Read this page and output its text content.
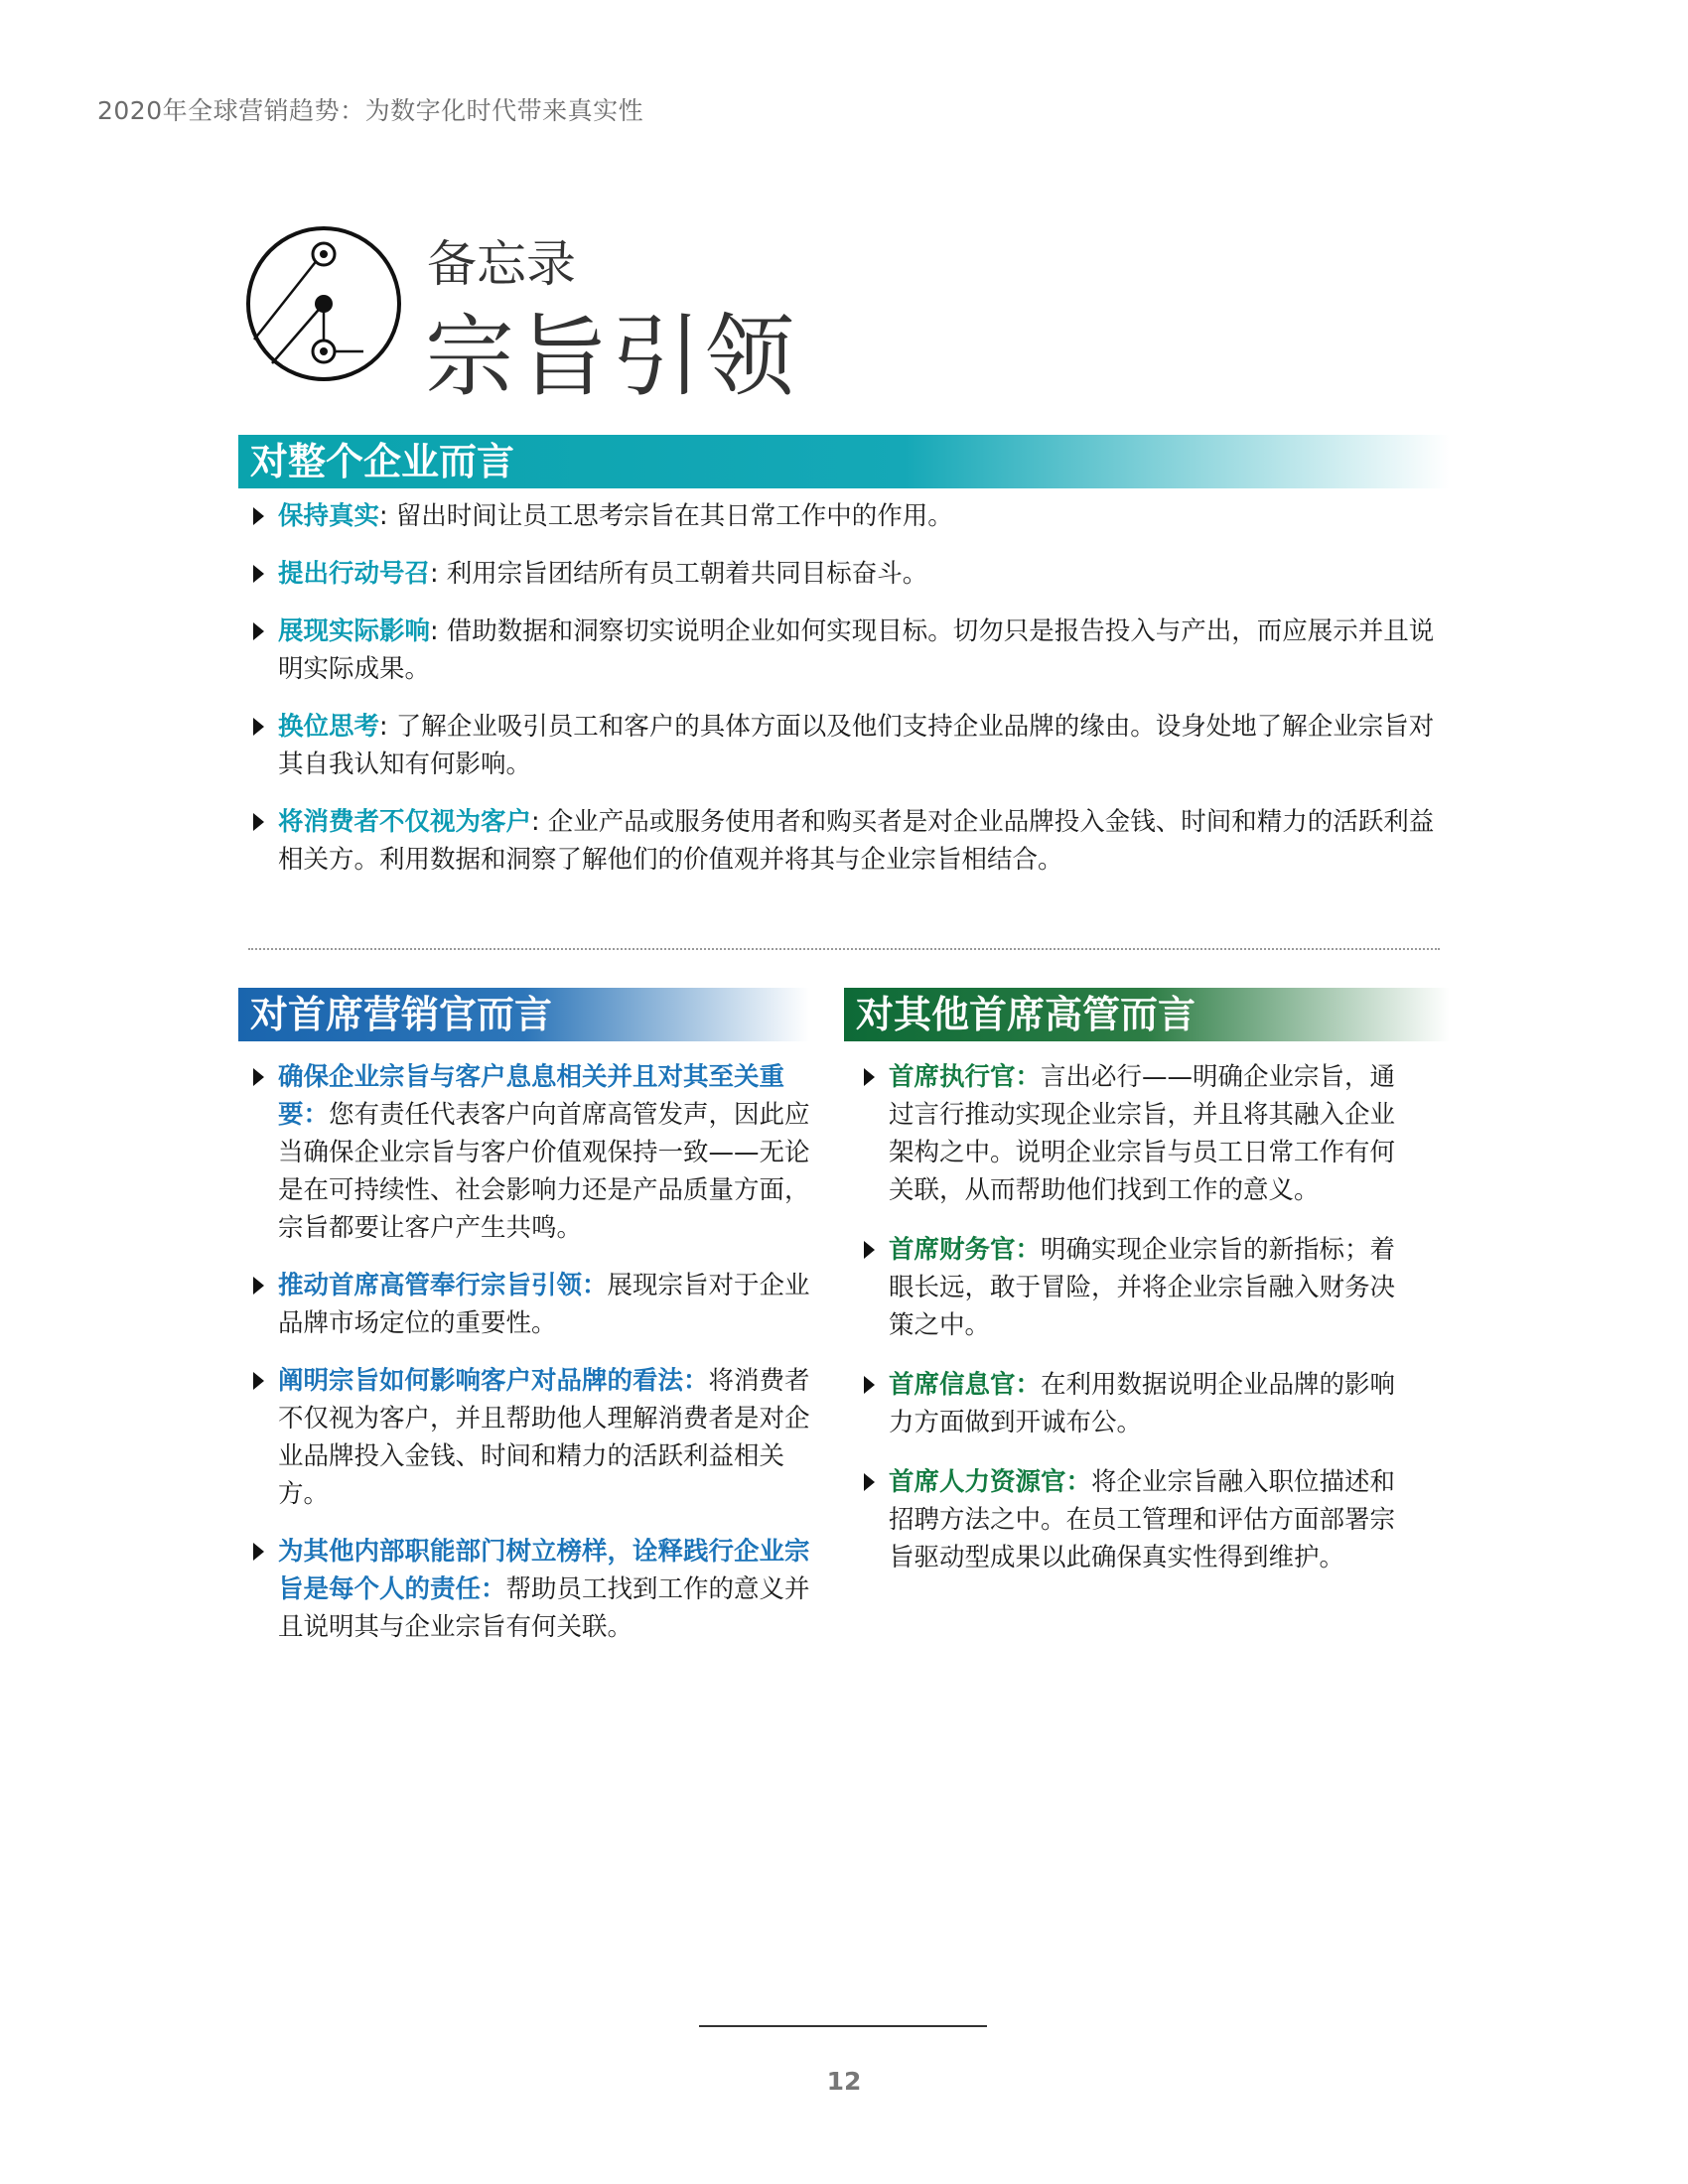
2020年全球营销趋势：为数字化时代带来真实性
备忘录
宗旨引领
对整个企业而言
保持真实: 留出时间让员工思考宗旨在其日常工作中的作用。
提出行动号召: 利用宗旨团结所有员工朝着共同目标奋斗。
展现实际影响: 借助数据和洞察切实说明企业如何实现目标。切勿只是报告投入与产出，而应展示并且说明实际成果。
换位思考: 了解企业吸引员工和客户的具体方面以及他们支持企业品牌的缘由。设身处地了解企业宗旨对其自我认知有何影响。
将消费者不仅视为客户: 企业产品或服务使用者和购买者是对企业品牌投入金钱、时间和精力的活跃利益相关方。利用数据和洞察了解他们的价值观并将其与企业宗旨相结合。
对首席营销官而言	对其他首席高管而言
确保企业宗旨与客户息息相关并且对其至关重要：您有责任代表客户向首席高管发声，因此应当确保企业宗旨与客户价值观保持一致——无论是在可持续性、社会影响力还是产品质量方面，宗旨都要让客户产生共鸣。
推动首席高管奉行宗旨引领：展现宗旨对于企业品牌市场定位的重要性。
阐明宗旨如何影响客户对品牌的看法：将消费者不仅视为客户，并且帮助他人理解消费者是对企业品牌投入金钱、时间和精力的活跃利益相关方。
为其他内部职能部门树立榜样，诠释践行企业宗旨是每个人的责任：帮助员工找到工作的意义并且说明其与企业宗旨有何关联。
首席执行官：言出必行——明确企业宗旨，通过言行推动实现企业宗旨，并且将其融入企业架构之中。说明企业宗旨与员工日常工作有何关联，从而帮助他们找到工作的意义。
首席财务官：明确实现企业宗旨的新指标；着眼长远，敢于冒险，并将企业宗旨融入财务决策之中。
首席信息官：在利用数据说明企业品牌的影响力方面做到开诚布公。
首席人力资源官：将企业宗旨融入职位描述和招聘方法之中。在员工管理和评估方面部署宗旨驱动型成果以此确保真实性得到维护。
12
